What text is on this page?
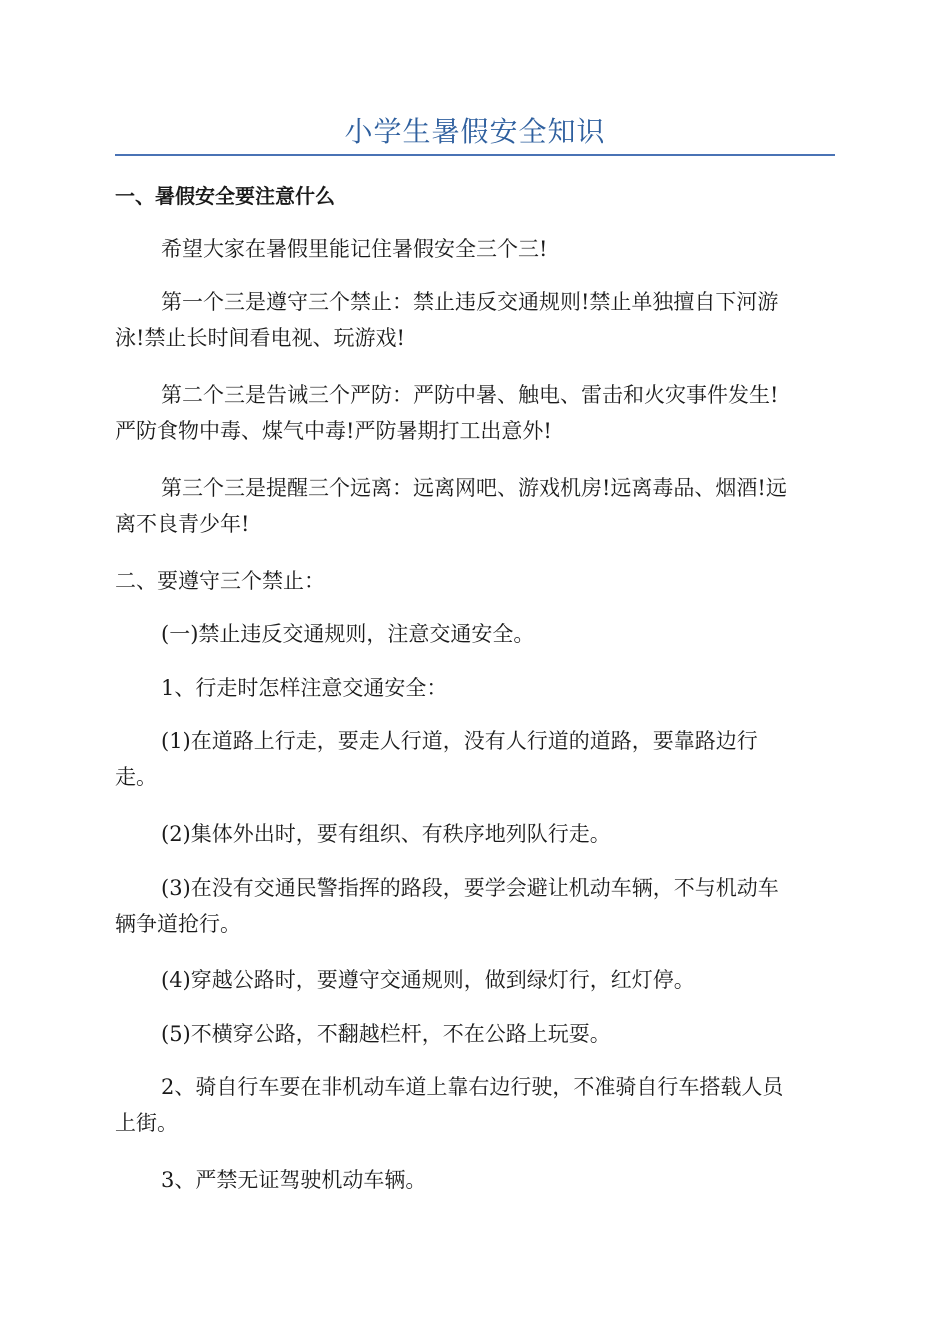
小学生暑假安全知识

一、暑假安全要注意什么

希望大家在暑假里能记住暑假安全三个三!

第一个三是遵守三个禁止：禁止违反交通规则!禁止单独擅自下河游
泳!禁止长时间看电视、玩游戏!

第二个三是告诫三个严防：严防中暑、触电、雷击和火灾事件发生!
严防食物中毒、煤气中毒!严防暑期打工出意外!

第三个三是提醒三个远离：远离网吧、游戏机房!远离毒品、烟酒!远
离不良青少年!

二、要遵守三个禁止：

(一)禁止违反交通规则，注意交通安全。

1、行走时怎样注意交通安全：

(1)在道路上行走，要走人行道，没有人行道的道路，要靠路边行
走。

(2)集体外出时，要有组织、有秩序地列队行走。

(3)在没有交通民警指挥的路段，要学会避让机动车辆，不与机动车
辆争道抢行。

(4)穿越公路时，要遵守交通规则，做到绿灯行，红灯停。

(5)不横穿公路，不翻越栏杆，不在公路上玩耍。

2、骑自行车要在非机动车道上靠右边行驶，不准骑自行车搭载人员
上街。

3、严禁无证驾驶机动车辆。
